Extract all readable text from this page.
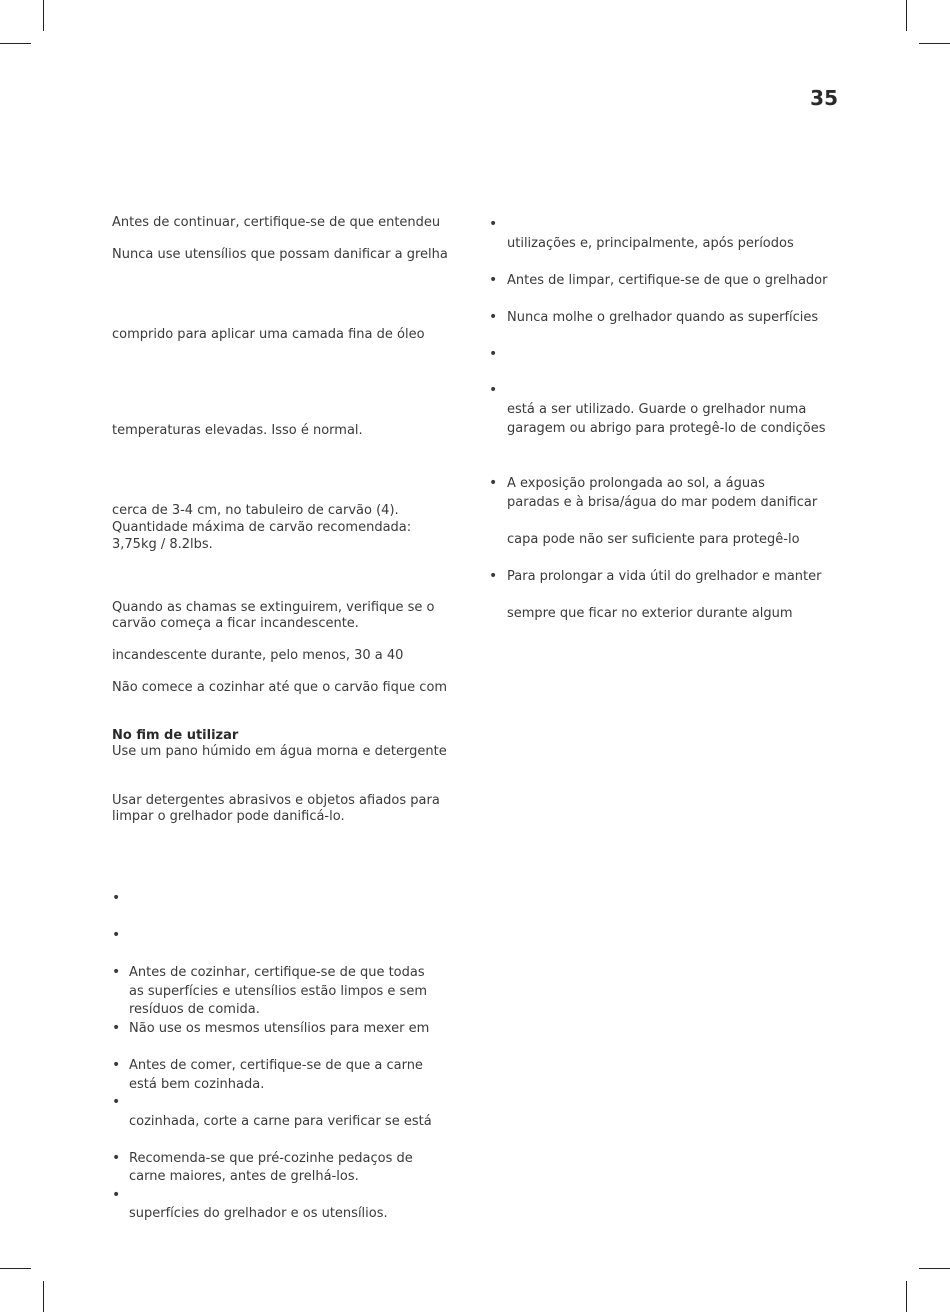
35
Antes de continuar, certifique-se de que entendeu
Nunca use utensílios que possam danificar a grelha
comprido para aplicar uma camada fina de óleo
temperaturas elevadas. Isso é normal.
cerca de 3-4 cm, no tabuleiro de carvão (4).
Quantidade máxima de carvão recomendada:
3,75kg / 8.2lbs.
Quando as chamas se extinguirem, verifique se o
carvão começa a ficar incandescente.
incandescente durante, pelo menos, 30 a 40
Não comece a cozinhar até que o carvão fique com
No fim de utilizar
Use um pano húmido em água morna e detergente
Usar detergentes abrasivos e objetos afiados para
limpar o grelhador pode danificá-lo.
•
•
• Antes de cozinhar, certifique-se de que todas
as superfícies e utensílios estão limpos e sem
resíduos de comida.
• Não use os mesmos utensílios para mexer em
• Antes de comer, certifique-se de que a carne
está bem cozinhada.
•
cozinhada, corte a carne para verificar se está
• Recomenda-se que pré-cozinhe pedaços de
carne maiores, antes de grelhá-los.
•
superfícies do grelhador e os utensílios.
•
utilizações e, principalmente, após períodos
• Antes de limpar, certifique-se de que o grelhador
• Nunca molhe o grelhador quando as superfícies
•
•
está a ser utilizado. Guarde o grelhador numa
garagem ou abrigo para protegê-lo de condições
• A exposição prolongada ao sol, a águas
paradas e à brisa/água do mar podem danificar
capa pode não ser suficiente para protegê-lo
• Para prolongar a vida útil do grelhador e manter
sempre que ficar no exterior durante algum
